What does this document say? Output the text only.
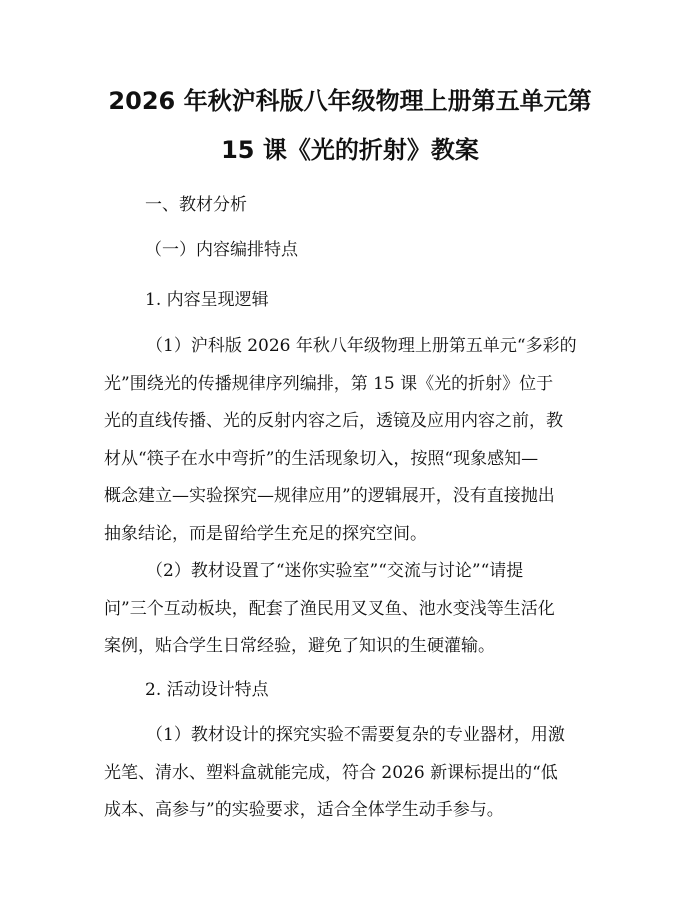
2026 年秋沪科版八年级物理上册第五单元第
15 课《光的折射》教案
一、教材分析
（一）内容编排特点
1. 内容呈现逻辑
（1）沪科版 2026 年秋八年级物理上册第五单元“多彩的
光”围绕光的传播规律序列编排，第 15 课《光的折射》位于
光的直线传播、光的反射内容之后，透镜及应用内容之前，教
材从“筷子在水中弯折”的生活现象切入，按照“现象感知—
概念建立—实验探究—规律应用”的逻辑展开，没有直接抛出
抽象结论，而是留给学生充足的探究空间。
（2）教材设置了“迷你实验室”“交流与讨论”“请提
问”三个互动板块，配套了渔民用叉叉鱼、池水变浅等生活化
案例，贴合学生日常经验，避免了知识的生硬灌输。
2. 活动设计特点
（1）教材设计的探究实验不需要复杂的专业器材，用激
光笔、清水、塑料盒就能完成，符合 2026 新课标提出的“低
成本、高参与”的实验要求，适合全体学生动手参与。
